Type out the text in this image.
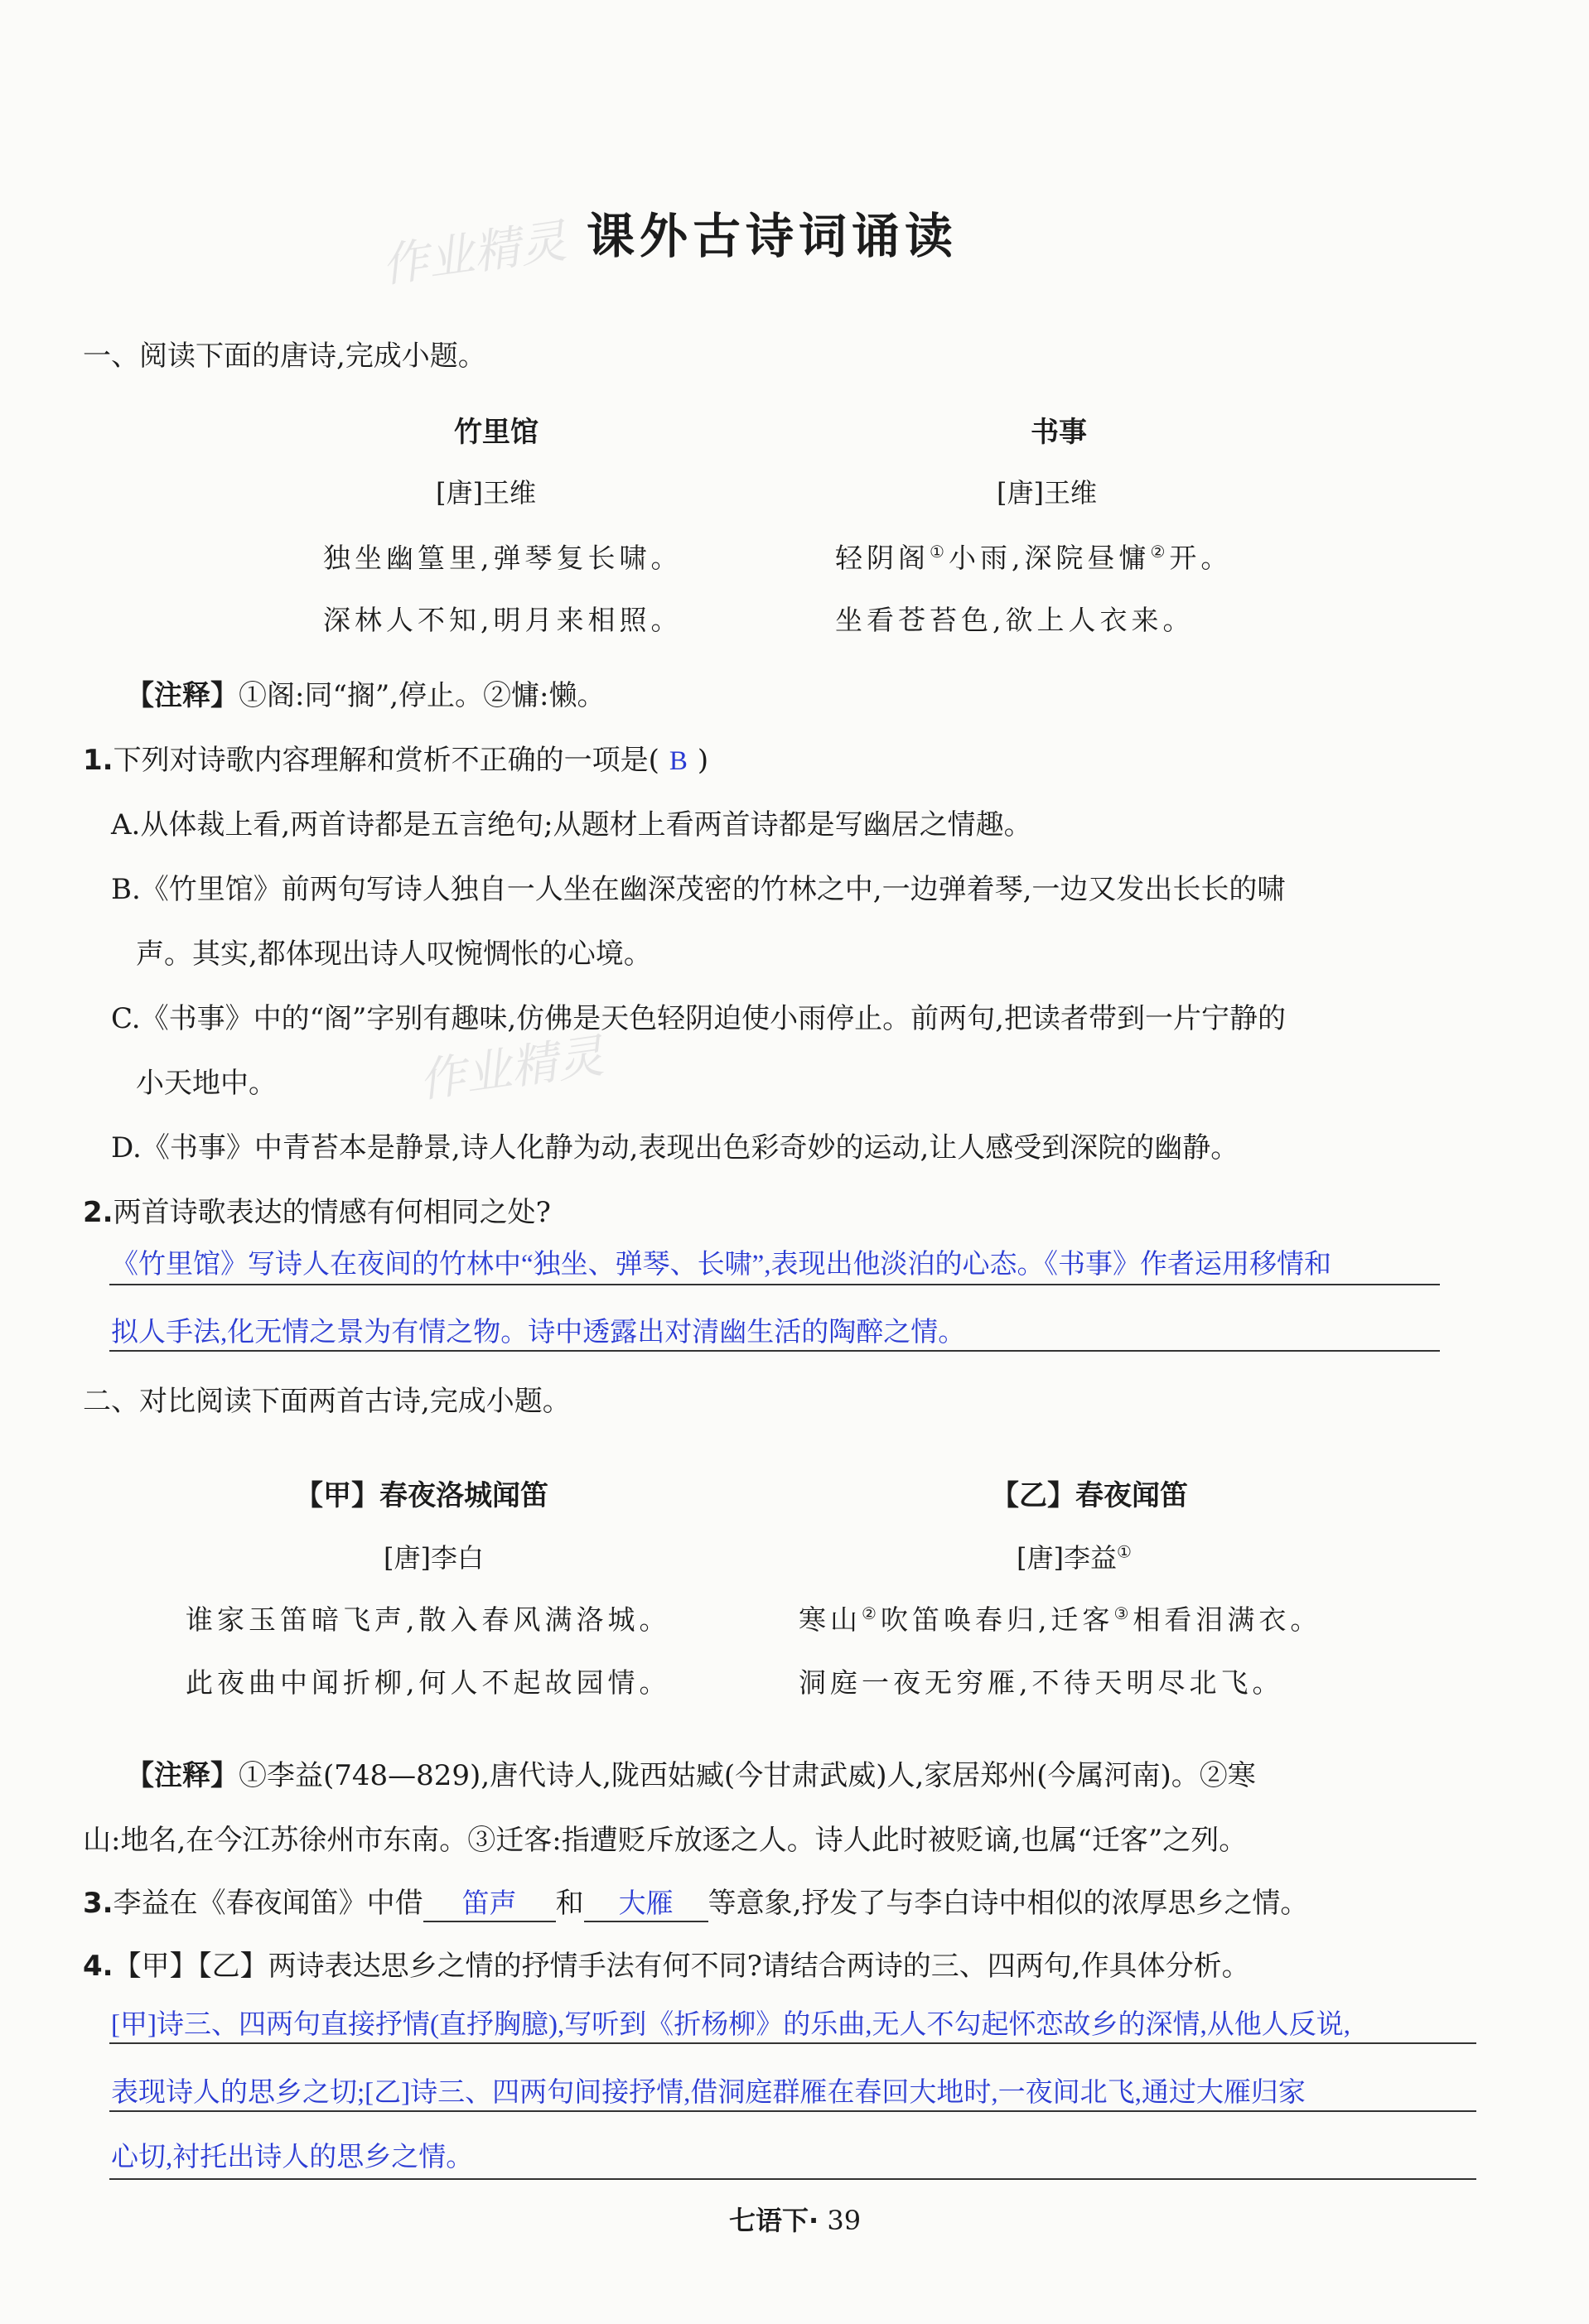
课外古诗词诵读
作业精灵
作业精灵
一、阅读下面的唐诗,完成小题。
竹里馆
[唐]王维
独坐幽篁里,弹琴复长啸。
深林人不知,明月来相照。
书事
[唐]王维
轻阴阁①小雨,深院昼慵②开。
坐看苍苔色,欲上人衣来。
【注释】①阁:同“搁”,停止。②慵:懒。
1.下列对诗歌内容理解和赏析不正确的一项是( B )
A.从体裁上看,两首诗都是五言绝句;从题材上看两首诗都是写幽居之情趣。
B.《竹里馆》前两句写诗人独自一人坐在幽深茂密的竹林之中,一边弹着琴,一边又发出长长的啸
声。其实,都体现出诗人叹惋惆怅的心境。
C.《书事》中的“阁”字别有趣味,仿佛是天色轻阴迫使小雨停止。前两句,把读者带到一片宁静的
小天地中。
D.《书事》中青苔本是静景,诗人化静为动,表现出色彩奇妙的运动,让人感受到深院的幽静。
2.两首诗歌表达的情感有何相同之处?
《竹里馆》写诗人在夜间的竹林中“独坐、弹琴、长啸”,表现出他淡泊的心态。《书事》作者运用移情和
拟人手法,化无情之景为有情之物。诗中透露出对清幽生活的陶醉之情。
二、对比阅读下面两首古诗,完成小题。
【甲】春夜洛城闻笛
[唐]李白
谁家玉笛暗飞声,散入春风满洛城。
此夜曲中闻折柳,何人不起故园情。
【乙】春夜闻笛
[唐]李益①
寒山②吹笛唤春归,迁客③相看泪满衣。
洞庭一夜无穷雁,不待天明尽北飞。
【注释】①李益(748—829),唐代诗人,陇西姑臧(今甘肃武威)人,家居郑州(今属河南)。②寒
山:地名,在今江苏徐州市东南。③迁客:指遭贬斥放逐之人。诗人此时被贬谪,也属“迁客”之列。
3.李益在《春夜闻笛》中借 笛声 和 大雁 等意象,抒发了与李白诗中相似的浓厚思乡之情。
4.【甲】【乙】两诗表达思乡之情的抒情手法有何不同?请结合两诗的三、四两句,作具体分析。
[甲]诗三、四两句直接抒情(直抒胸臆),写听到《折杨柳》的乐曲,无人不勾起怀恋故乡的深情,从他人反说,
表现诗人的思乡之切;[乙]诗三、四两句间接抒情,借洞庭群雁在春回大地时,一夜间北飞,通过大雁归家
心切,衬托出诗人的思乡之情。
七语下· 39
